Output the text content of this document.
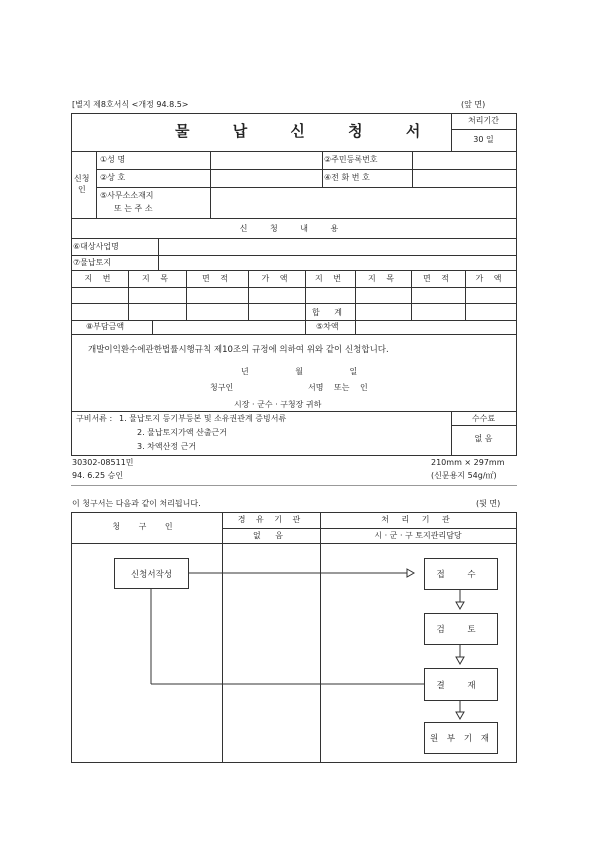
[별지 제8호서식 <개정 94.8.5>	(앞 면)
물 납 신 청 서
처리기간
30 일
신청
인
①성 명	②주민등록번호
②상 호	④전 화 번 호
⑤사무소소재지
또 는 주 소
신 청 내 용
⑥대상사업명
⑦물납토지
지 번	지 목	면 적	가 액	지 번	지 목	면 적	가 액
합 계
⑧부담금액	⑤차액
개발이익환수에관한법률시행규칙 제10조의 규정에 의하여 위와 같이 신청합니다.
년 월 일
청구인	서명 또는 인
시장 · 군수 · 구청장 귀하
구비서류 : 1. 물납토지 등기부등본 및 소유권관계 증빙서류
2. 물납토지가액 산출근거
3. 차액산정 근거
수수료
없 음
30302-08511민
94. 6.25 승인
210mm × 297mm
(신문용지 54g/㎡)
이 청구서는 다음과 같이 처리됩니다.	(뒷 면)
청 구 인
경 유 기 관
없 음
처 리 기 관
시 · 군 · 구 토지관리담당
신청서작성	접 수
검 토
결 재
원 부 기 재
